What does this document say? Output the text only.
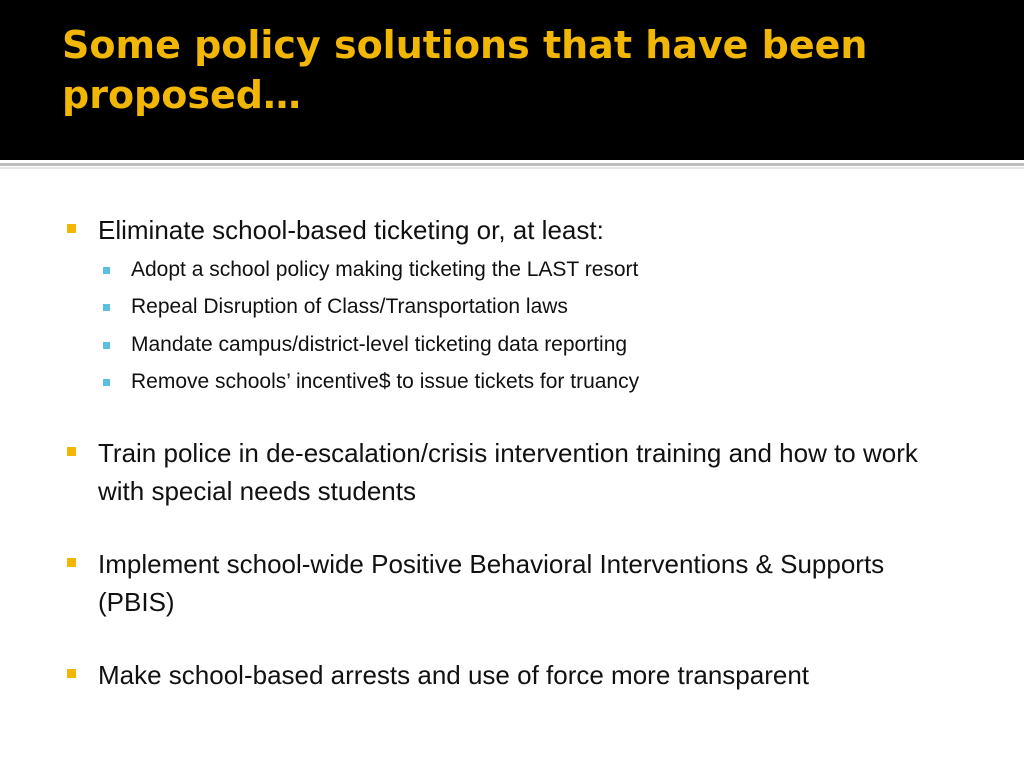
Some policy solutions that have been proposed…
Eliminate school-based ticketing or, at least:
Adopt a school policy making ticketing the LAST resort
Repeal Disruption of Class/Transportation laws
Mandate campus/district-level ticketing data reporting
Remove schools’ incentive$ to issue tickets for truancy
Train police in de-escalation/crisis intervention training and how to work with special needs students
Implement school-wide Positive Behavioral Interventions & Supports (PBIS)
Make school-based arrests and use of force more transparent
